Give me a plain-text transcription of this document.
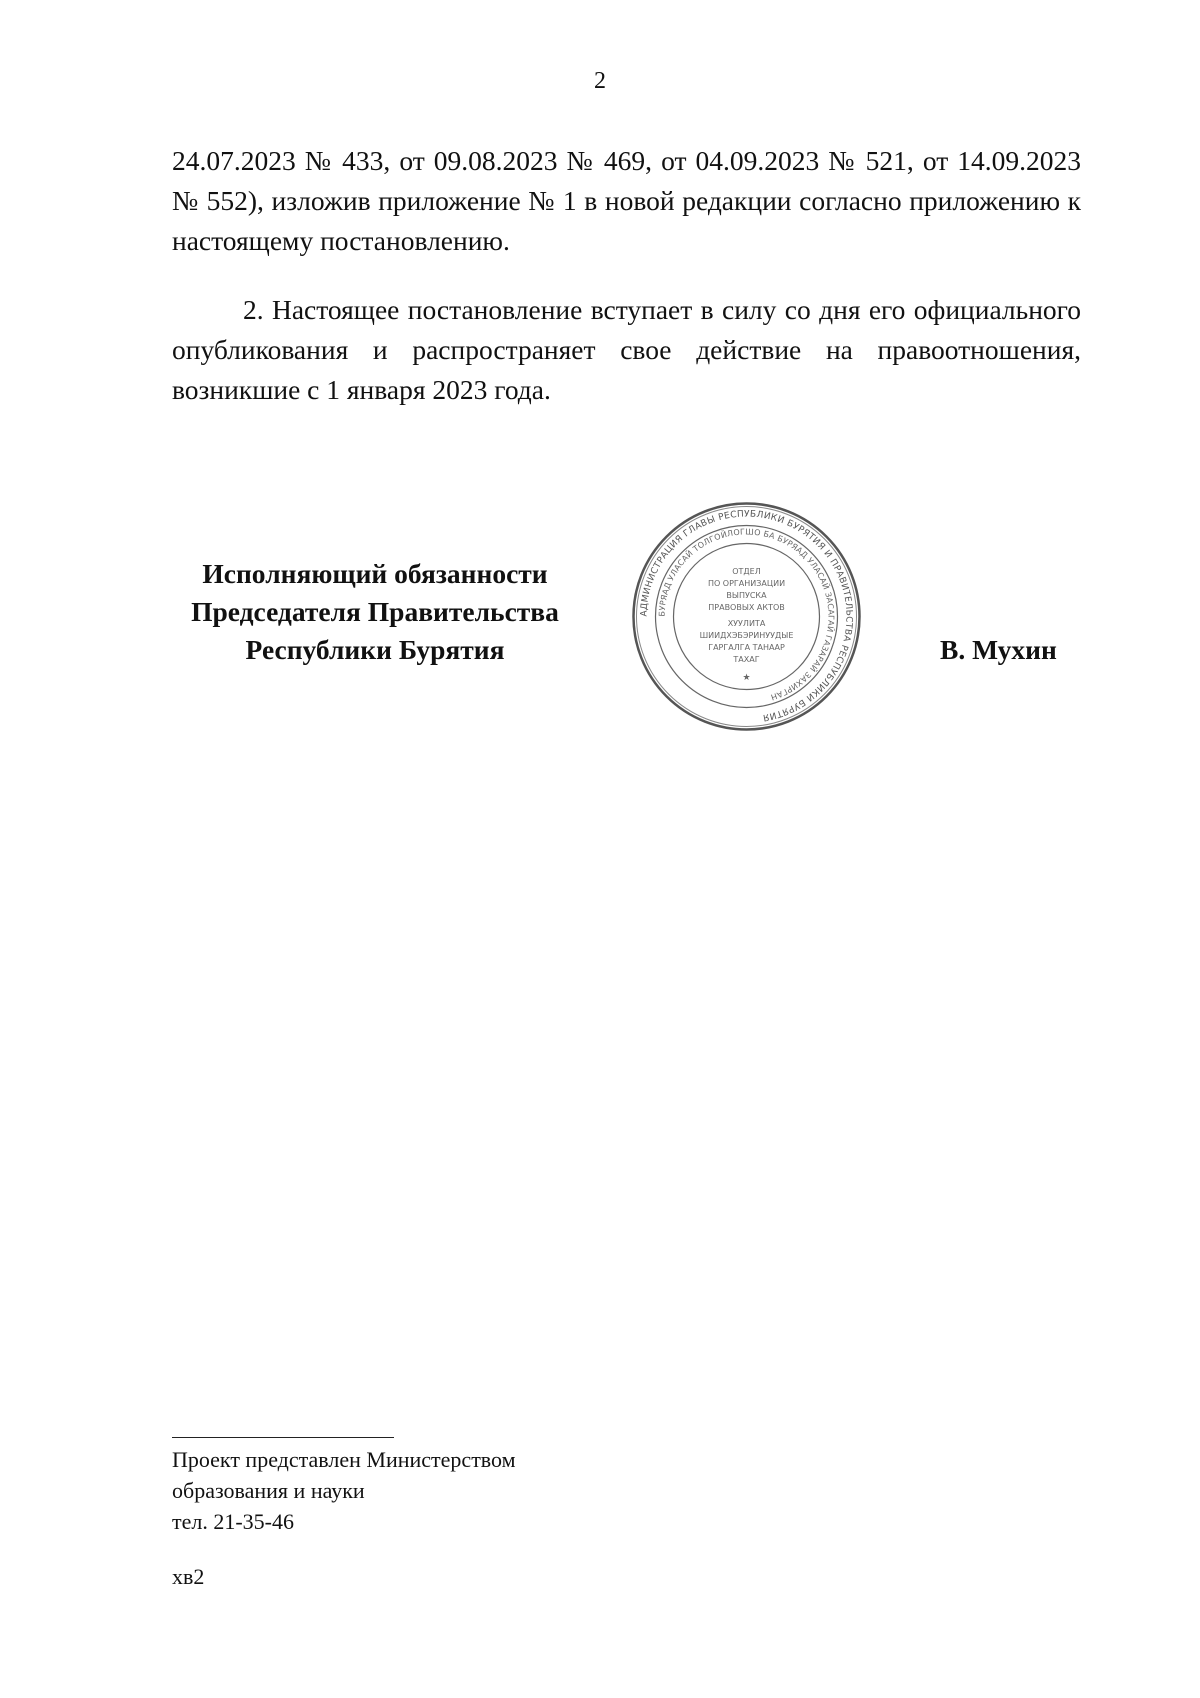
2
24.07.2023 № 433, от 09.08.2023 № 469, от 04.09.2023 № 521, от 14.09.2023 № 552), изложив приложение № 1 в новой редакции согласно приложению к настоящему постановлению.
2. Настоящее постановление вступает в силу со дня его официального опубликования и распространяет свое действие на правоотношения, возникшие с 1 января 2023 года.
Исполняющий обязанности
Председателя Правительства
Республики Бурятия
АДМИНИСТРАЦИЯ ГЛАВЫ РЕСПУБЛИКИ БУРЯТИЯ И ПРАВИТЕЛЬСТВА РЕСПУБЛИКИ БУРЯТИЯ
БУРЯАД УЛАСАЙ ТОЛГОЙЛОГШО БА БУРЯАД УЛАСАЙ ЗАСАГАЙ ГАЗАРАЙ ЗАХИРГАН
ОТДЕЛ
ПО ОРГАНИЗАЦИИ
ВЫПУСКА
ПРАВОВЫХ АКТОВ
ХУУЛИТА
ШИИДХЭБЭРИНУУДЫЕ
ГАРГАЛГА ТАНААР
ТАХАГ
★
В. Мухин
Проект представлен Министерством
образования и науки
тел. 21-35-46
хв2
